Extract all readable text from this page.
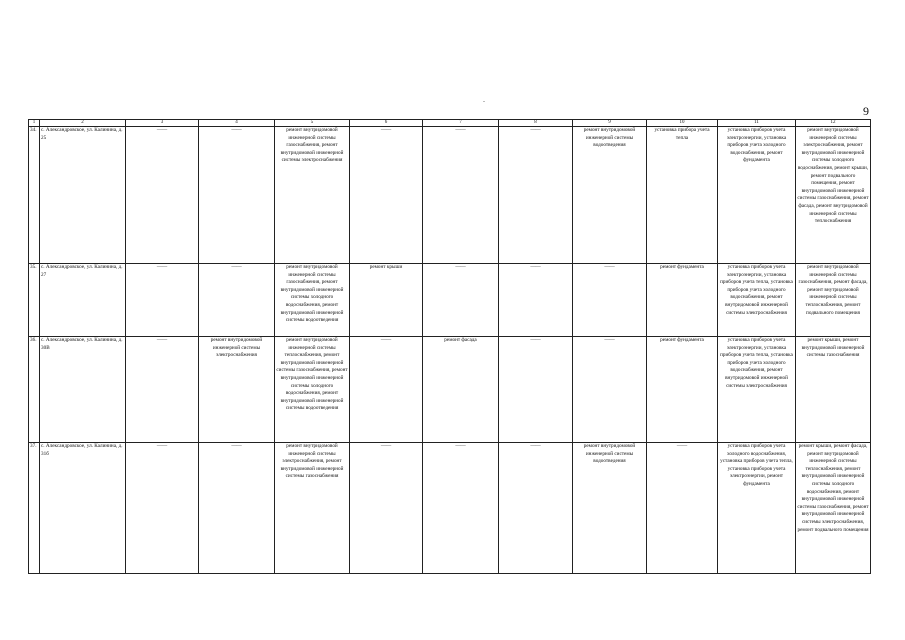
9
1	2	3	4	5	6	7	8	9	10	11	12
34.	с. Александровское, ул. Калинина, д. 25	——	——	ремонт внутридомовой инженерной системы газоснабжения, ремонт внутридомовой инженерной системы электроснабжения	——	——	——	ремонт внутридомовой инженерной системы водоотведения	установка прибора учета тепла	установка приборов учета электроэнергии, установка приборов учета холодного водоснабжения, ремонт фундамента	ремонт внутридомовой инженерной системы электроснабжения, ремонт внутридомовой инженерной системы холодного водоснабжения, ремонт крыши, ремонт подвального помещения, ремонт внутридомовой инженерной системы газоснабжения, ремонт фасада, ремонт внутридомовой инженерной системы теплоснабжения
35.	с. Александровское, ул. Калинина, д. 27	——	——	ремонт внутридомовой инженерной системы газоснабжения, ремонт внутридомовой инженерной системы холодного водоснабжения, ремонт внутридомовой инженерной системы водоотведения	ремонт крыши	——	——	——	ремонт фундамента	установка приборов учета электроэнергии, установка приборов учета тепла, установка приборов учета холодного водоснабжения, ремонт внутридомовой инженерной системы электроснабжения	ремонт внутридомовой инженерной системы газоснабжения, ремонт фасада, ремонт внутридомовой инженерной системы теплоснабжения, ремонт подвального помещения
36.	с. Александровское, ул. Калинина, д. 30В	——	ремонт внутридомовой инженерной системы электроснабжения	ремонт внутридомовой инженерной системы теплоснабжения, ремонт внутридомовой инженерной системы газоснабжения, ремонт внутридомовой инженерной системы холодного водоснабжения, ремонт внутридомовой инженерной системы водоотведения	——	ремонт фасада	——	——	ремонт фундамента	установка приборов учета электроэнергии, установка приборов учета тепла, установка приборов учета холодного водоснабжения, ремонт внутридомовой инженерной системы электроснабжения	ремонт крыши, ремонт внутридомовой инженерной системы газоснабжения
37.	с. Александровское, ул. Калинина, д. 31б	——	——	ремонт внутридомовой инженерной системы электроснабжения, ремонт внутридомовой инженерной системы газоснабжения	——	——	——	ремонт внутридомовой инженерной системы водоотведения	——	установка приборов учета холодного водоснабжения, установка приборов учета тепла, установка приборов учета электроэнергии, ремонт фундамента	ремонт крыши, ремонт фасада, ремонт внутридомовой инженерной системы теплоснабжения, ремонт внутридомовой инженерной системы холодного водоснабжения, ремонт внутридомовой инженерной системы газоснабжения, ремонт внутридомовой инженерной системы электроснабжения, ремонт подвального помещения
